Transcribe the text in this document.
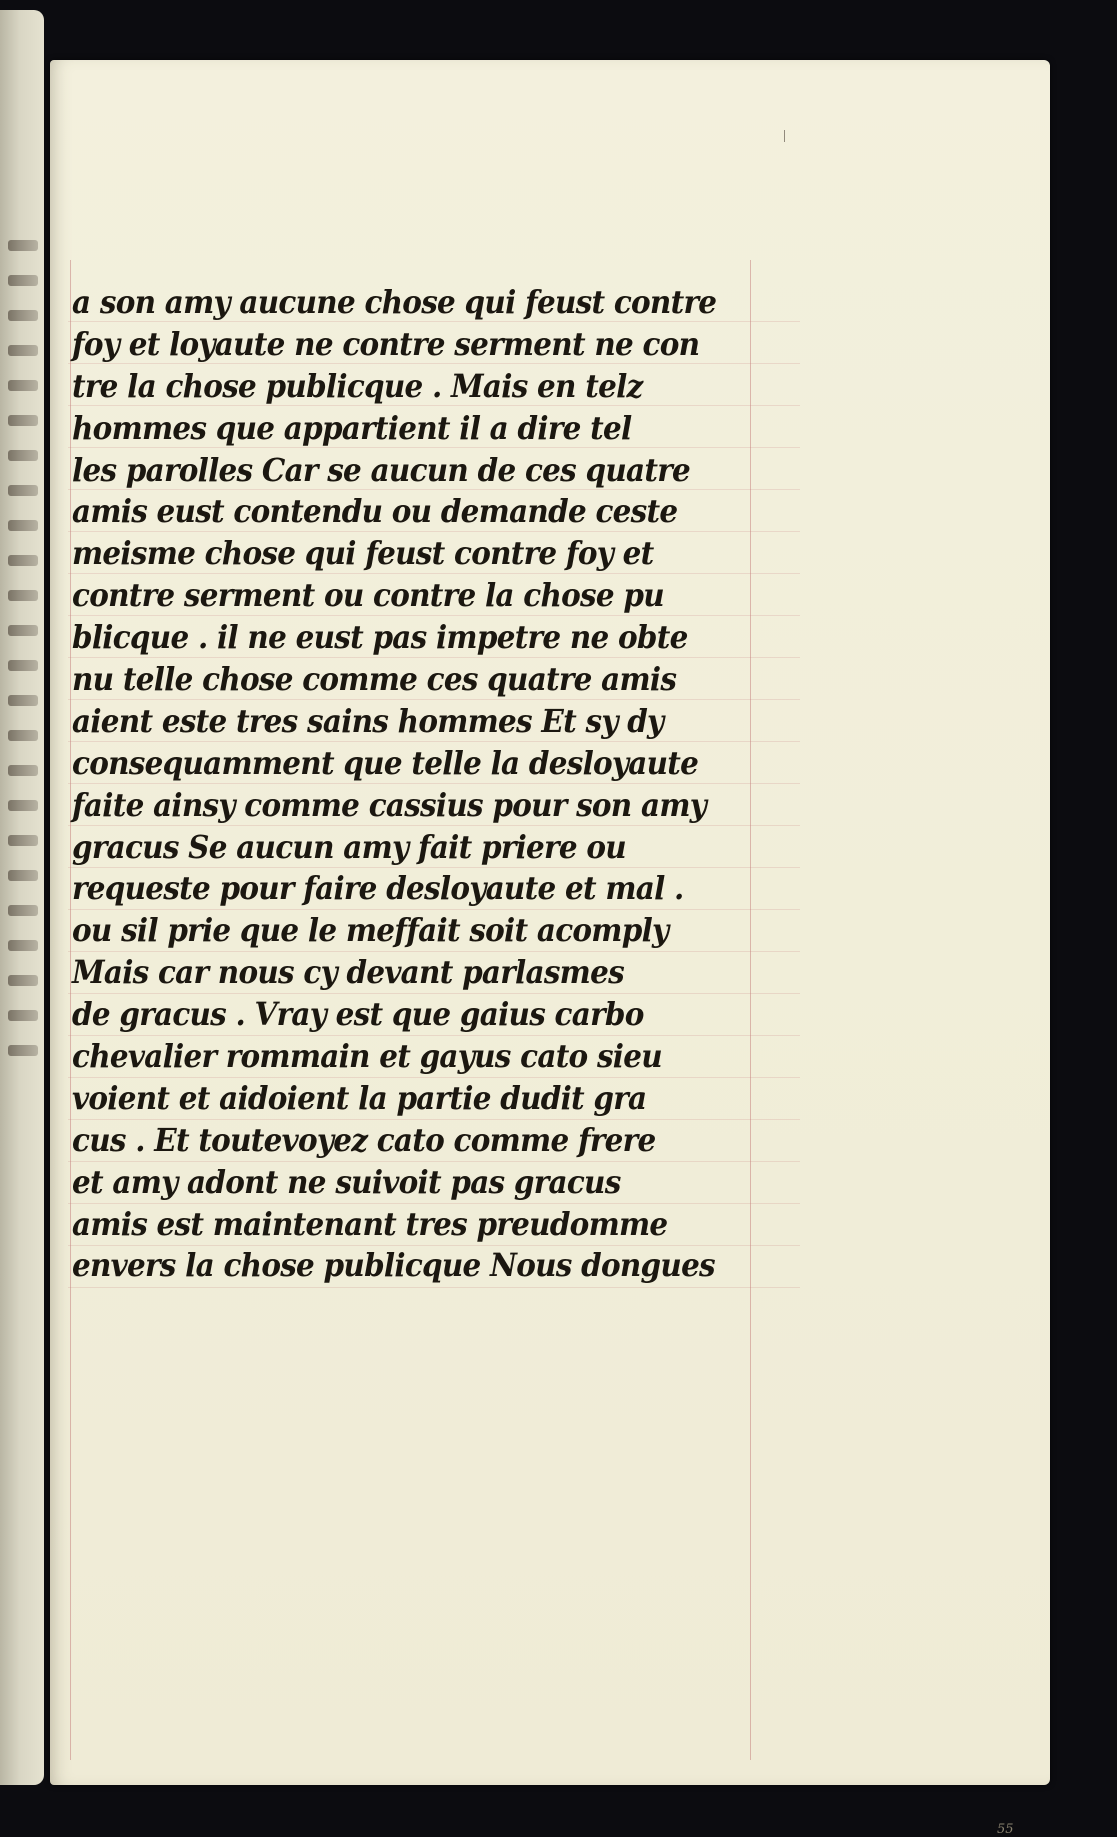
a son amy aucune chose qui feust contre
foy et loyaute ne contre serment ne con
tre la chose publicque . Mais en telz
hommes que appartient il a dire tel
les parolles Car se aucun de ces quatre
amis eust contendu ou demande ceste
meisme chose qui feust contre foy et
contre serment ou contre la chose pu
blicque . il ne eust pas impetre ne obte
nu telle chose comme ces quatre amis
aient este tres sains hommes Et sy dy
consequamment que telle la desloyaute
faite ainsy comme cassius pour son amy
gracus Se aucun amy fait priere ou
requeste pour faire desloyaute et mal .
ou sil prie que le meffait soit acomply
Mais car nous cy devant parlasmes
de gracus . Vray est que gaius carbo
chevalier rommain et gayus cato sieu
voient et aidoient la partie dudit gra
cus . Et toutevoyez cato comme frere
et amy adont ne suivoit pas gracus
amis est maintenant tres preudomme
envers la chose publicque Nous dongues
55
